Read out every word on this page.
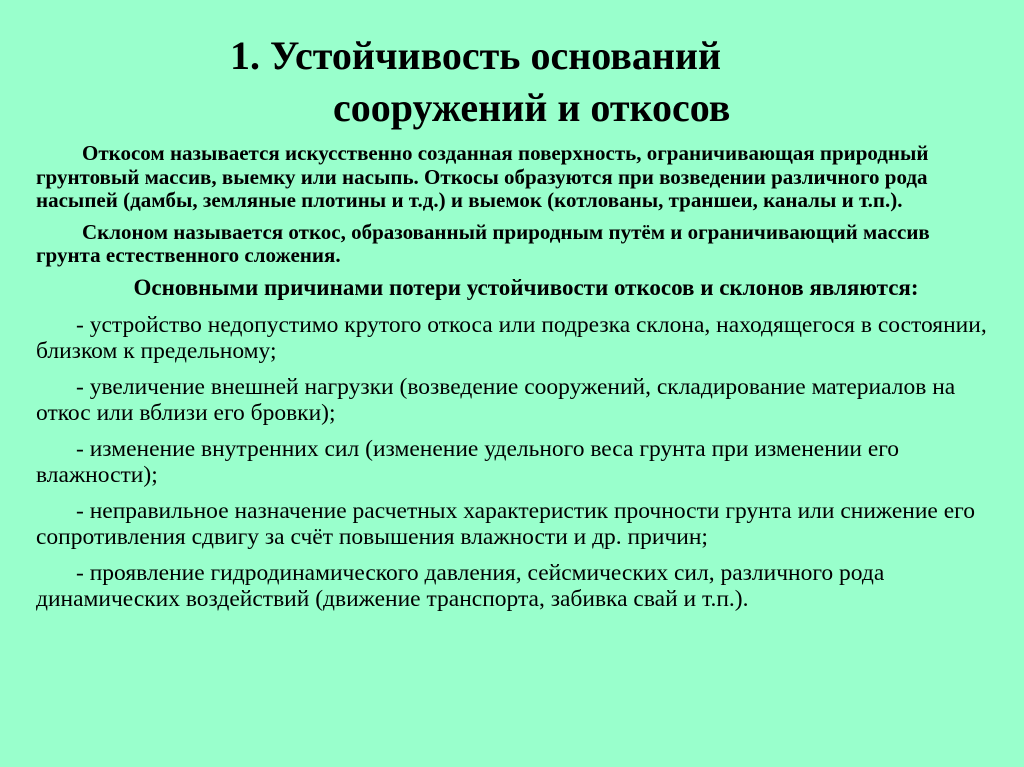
1. Устойчивость оснований
сооружений и откосов

Откосом называется искусственно созданная поверхность, ограничивающая природный грунтовый массив, выемку или насыпь. Откосы образуются при возведении различного рода насыпей (дамбы, земляные плотины и т.д.) и выемок (котлованы, траншеи, каналы и т.п.).

Склоном называется откос, образованный природным путём и ограничивающий массив грунта естественного сложения.

Основными причинами потери устойчивости откосов и склонов являются:

- устройство недопустимо крутого откоса или подрезка склона, находящегося в состоянии, близком к предельному;

- увеличение внешней нагрузки (возведение сооружений, складирование материалов на откос или вблизи его бровки);

- изменение внутренних сил (изменение удельного веса грунта при изменении его влажности);

- неправильное назначение расчетных характеристик прочности грунта или снижение его сопротивления сдвигу за счёт повышения влажности и др. причин;

- проявление гидродинамического давления, сейсмических сил, различного рода динамических воздействий (движение транспорта, забивка свай и т.п.).
